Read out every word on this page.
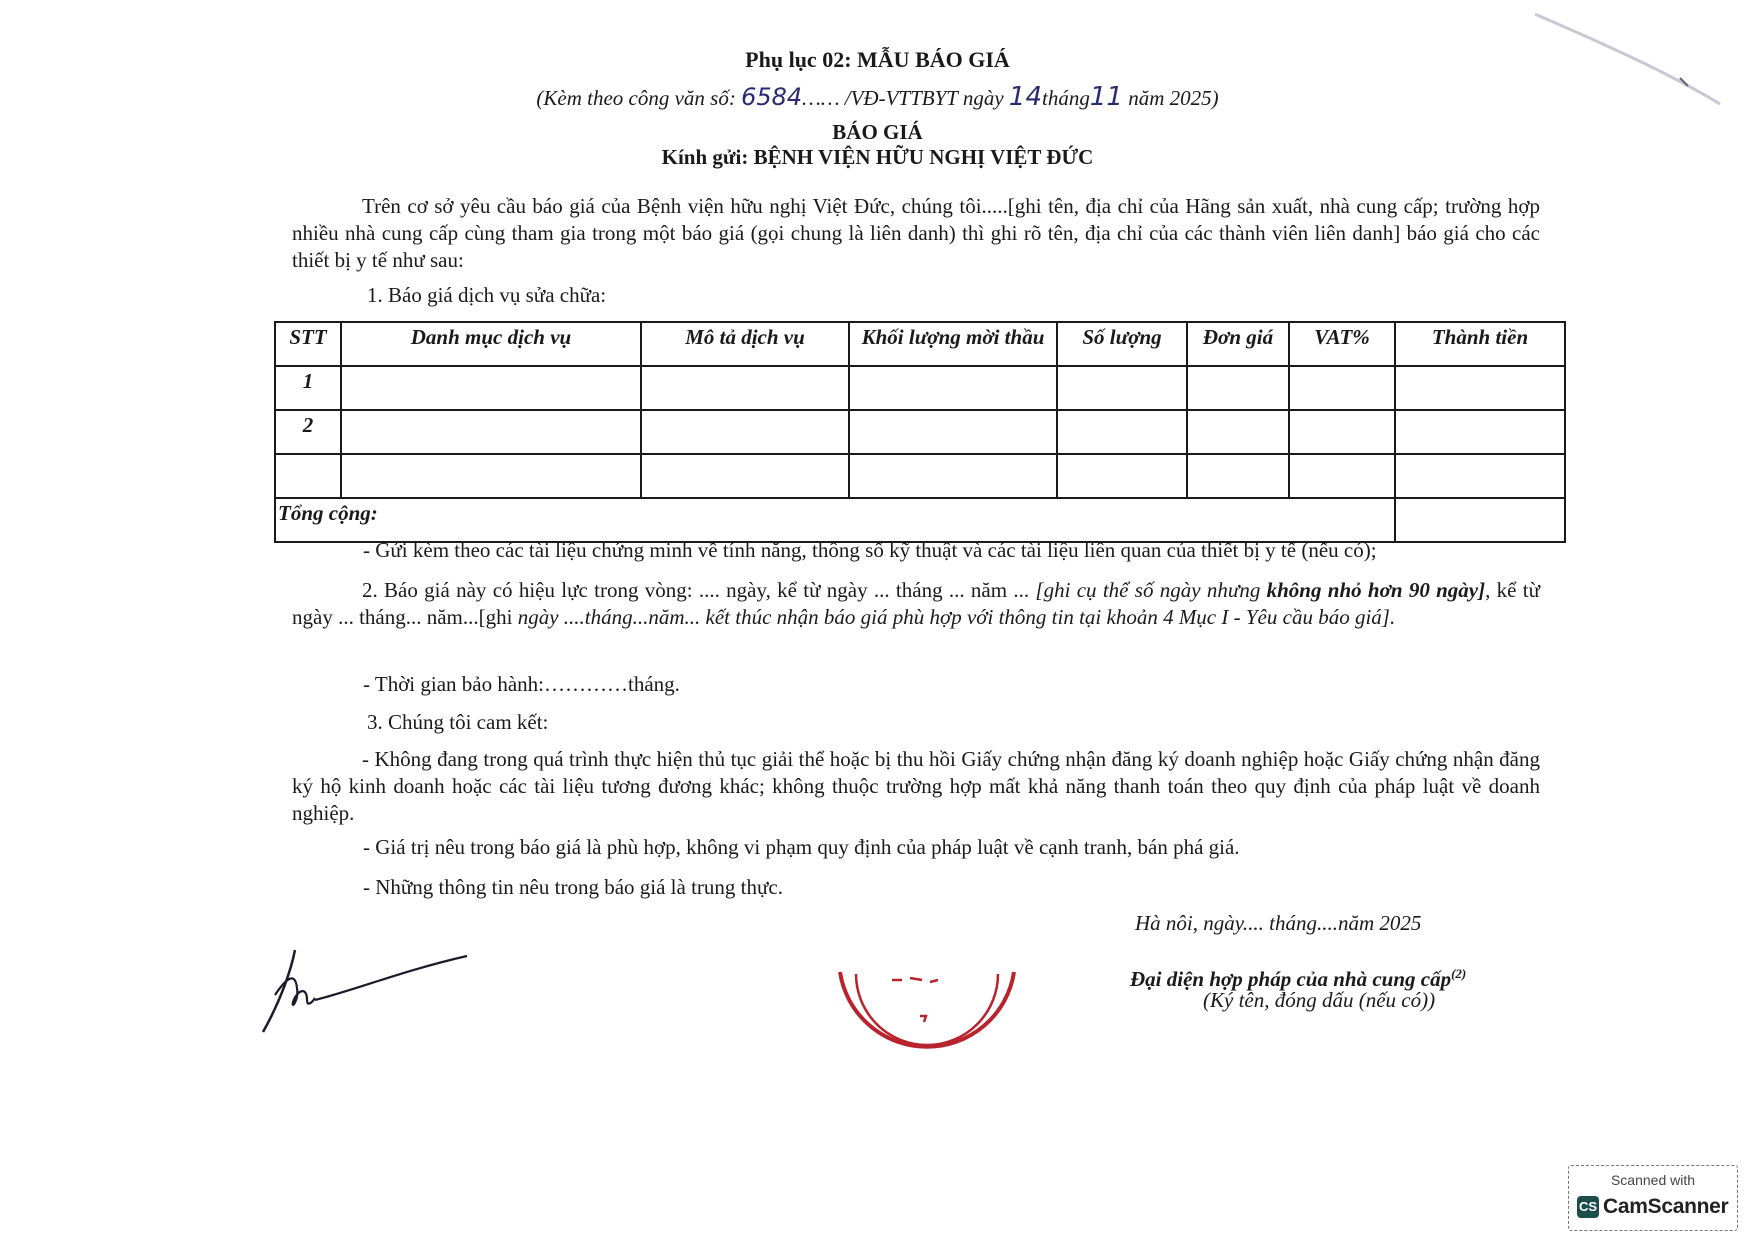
Phụ lục 02: MẪU BÁO GIÁ
(Kèm theo công văn số: 6584…… /VĐ-VTTBYT ngày 14tháng11 năm 2025)
BÁO GIÁ
Kính gửi: BỆNH VIỆN HỮU NGHỊ VIỆT ĐỨC
Trên cơ sở yêu cầu báo giá của Bệnh viện hữu nghị Việt Đức, chúng tôi.....[ghi tên, địa chỉ của Hãng sản xuất, nhà cung cấp; trường hợp nhiều nhà cung cấp cùng tham gia trong một báo giá (gọi chung là liên danh) thì ghi rõ tên, địa chỉ của các thành viên liên danh] báo giá cho các thiết bị y tế như sau:
1. Báo giá dịch vụ sửa chữa:
STT	Danh mục dịch vụ	Mô tả dịch vụ	Khối lượng mời thầu	Số lượng	Đơn giá	VAT%	Thành tiền
1							
2							

Tổng cộng:							
- Gửi kèm theo các tài liệu chứng minh về tính năng, thông số kỹ thuật và các tài liệu liên quan của thiết bị y tế (nếu có);
2. Báo giá này có hiệu lực trong vòng: .... ngày, kể từ ngày ... tháng ... năm ... [ghi cụ thể số ngày nhưng không nhỏ hơn 90 ngày], kể từ ngày ... tháng... năm...[ghi ngày ....tháng...năm... kết thúc nhận báo giá phù hợp với thông tin tại khoản 4 Mục I - Yêu cầu báo giá].
- Thời gian bảo hành:…………tháng.
3. Chúng tôi cam kết:
- Không đang trong quá trình thực hiện thủ tục giải thể hoặc bị thu hồi Giấy chứng nhận đăng ký doanh nghiệp hoặc Giấy chứng nhận đăng ký hộ kinh doanh hoặc các tài liệu tương đương khác; không thuộc trường hợp mất khả năng thanh toán theo quy định của pháp luật về doanh nghiệp.
- Giá trị nêu trong báo giá là phù hợp, không vi phạm quy định của pháp luật về cạnh tranh, bán phá giá.
- Những thông tin nêu trong báo giá là trung thực.
Hà nôi, ngày.... tháng....năm 2025
Đại diện hợp pháp của nhà cung cấp$^{(2)}$
(Ký tên, đóng dấu (nếu có))
Scanned with
CS CamScanner
